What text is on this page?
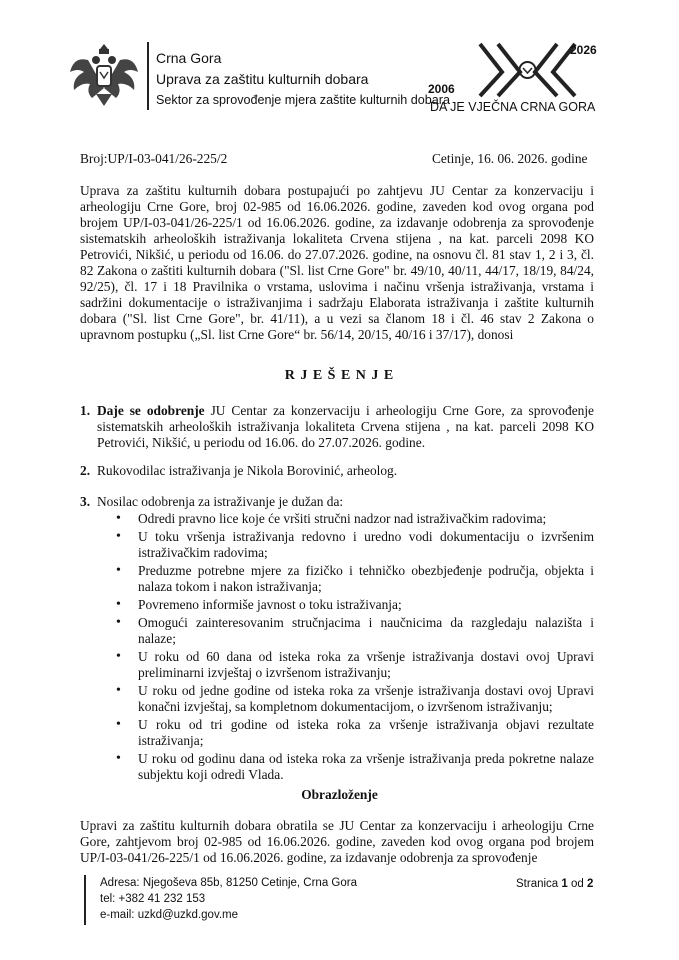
Crna Gora
Uprava za zaštitu kulturnih dobara
Sektor za sprovođenje mjera zaštite kulturnih dobara
2006
2026
DA JE VJEČNA CRNA GORA
Broj:UP/I-03-041/26-225/2	Cetinje, 16. 06. 2026. godine

Uprava za zaštitu kulturnih dobara postupajući po zahtjevu JU Centar za konzervaciju i arheologiju Crne Gore, broj 02-985 od 16.06.2026. godine, zaveden kod ovog organa pod brojem UP/I-03-041/26-225/1 od 16.06.2026. godine, za izdavanje odobrenja za sprovođenje sistematskih arheoloških istraživanja lokaliteta Crvena stijena , na kat. parceli 2098 KO Petrovići, Nikšić, u periodu od 16.06. do 27.07.2026. godine, na osnovu čl. 81 stav 1, 2 i 3, čl. 82 Zakona o zaštiti kulturnih dobara ("Sl. list Crne Gore" br. 49/10, 40/11, 44/17, 18/19, 84/24, 92/25), čl. 17 i 18 Pravilnika o vrstama, uslovima i načinu vršenja istraživanja, vrstama i sadržini dokumentacije o istraživanjima i sadržaju Elaborata istraživanja i zaštite kulturnih dobara ("Sl. list Crne Gore", br. 41/11), a u vezi sa članom 18 i čl. 46 stav 2 Zakona o upravnom postupku („Sl. list Crne Gore“ br. 56/14, 20/15, 40/16 i 37/17), donosi

R J E Š E N J E
1. Daje se odobrenje JU Centar za konzervaciju i arheologiju Crne Gore, za sprovođenje sistematskih arheoloških istraživanja lokaliteta Crvena stijena , na kat. parceli 2098 KO Petrovići, Nikšić, u periodu od 16.06. do 27.07.2026. godine.

2. Rukovodilac istraživanja je Nikola Borovinić, arheolog.

3. Nosilac odobrenja za istraživanje je dužan da:

• Odredi pravno lice koje će vršiti stručni nadzor nad istraživačkim radovima;
• U toku vršenja istraživanja redovno i uredno vodi dokumentaciju o izvršenim istraživačkim radovima;
• Preduzme potrebne mjere za fizičko i tehničko obezbjeđenje područja, objekta i nalaza tokom i nakon istraživanja;
• Povremeno informiše javnost o toku istraživanja;
• Omogući zainteresovanim stručnjacima i naučnicima da razgledaju nalazišta i nalaze;
• U roku od 60 dana od isteka roka za vršenje istraživanja dostavi ovoj Upravi preliminarni izvještaj o izvršenom istraživanju;
• U roku od jedne godine od isteka roka za vršenje istraživanja dostavi ovoj Upravi konačni izvještaj, sa kompletnom dokumentacijom, o izvršenom istraživanju;
• U roku od tri godine od isteka roka za vršenje istraživanja objavi rezultate istraživanja;
• U roku od godinu dana od isteka roka za vršenje istraživanja preda pokretne nalaze subjektu koji odredi Vlada.
Obrazloženje

Upravi za zaštitu kulturnih dobara obratila se JU Centar za konzervaciju i arheologiju Crne Gore, zahtjevom broj 02-985 od 16.06.2026. godine, zaveden kod ovog organa pod brojem UP/I-03-041/26-225/1 od 16.06.2026. godine, za izdavanje odobrenja za sprovođenje

Adresa: Njegoševa 85b, 81250 Cetinje, Crna Gora
tel: +382 41 232 153
e-mail: uzkd@uzkd.gov.me
Stranica 1 od 2
